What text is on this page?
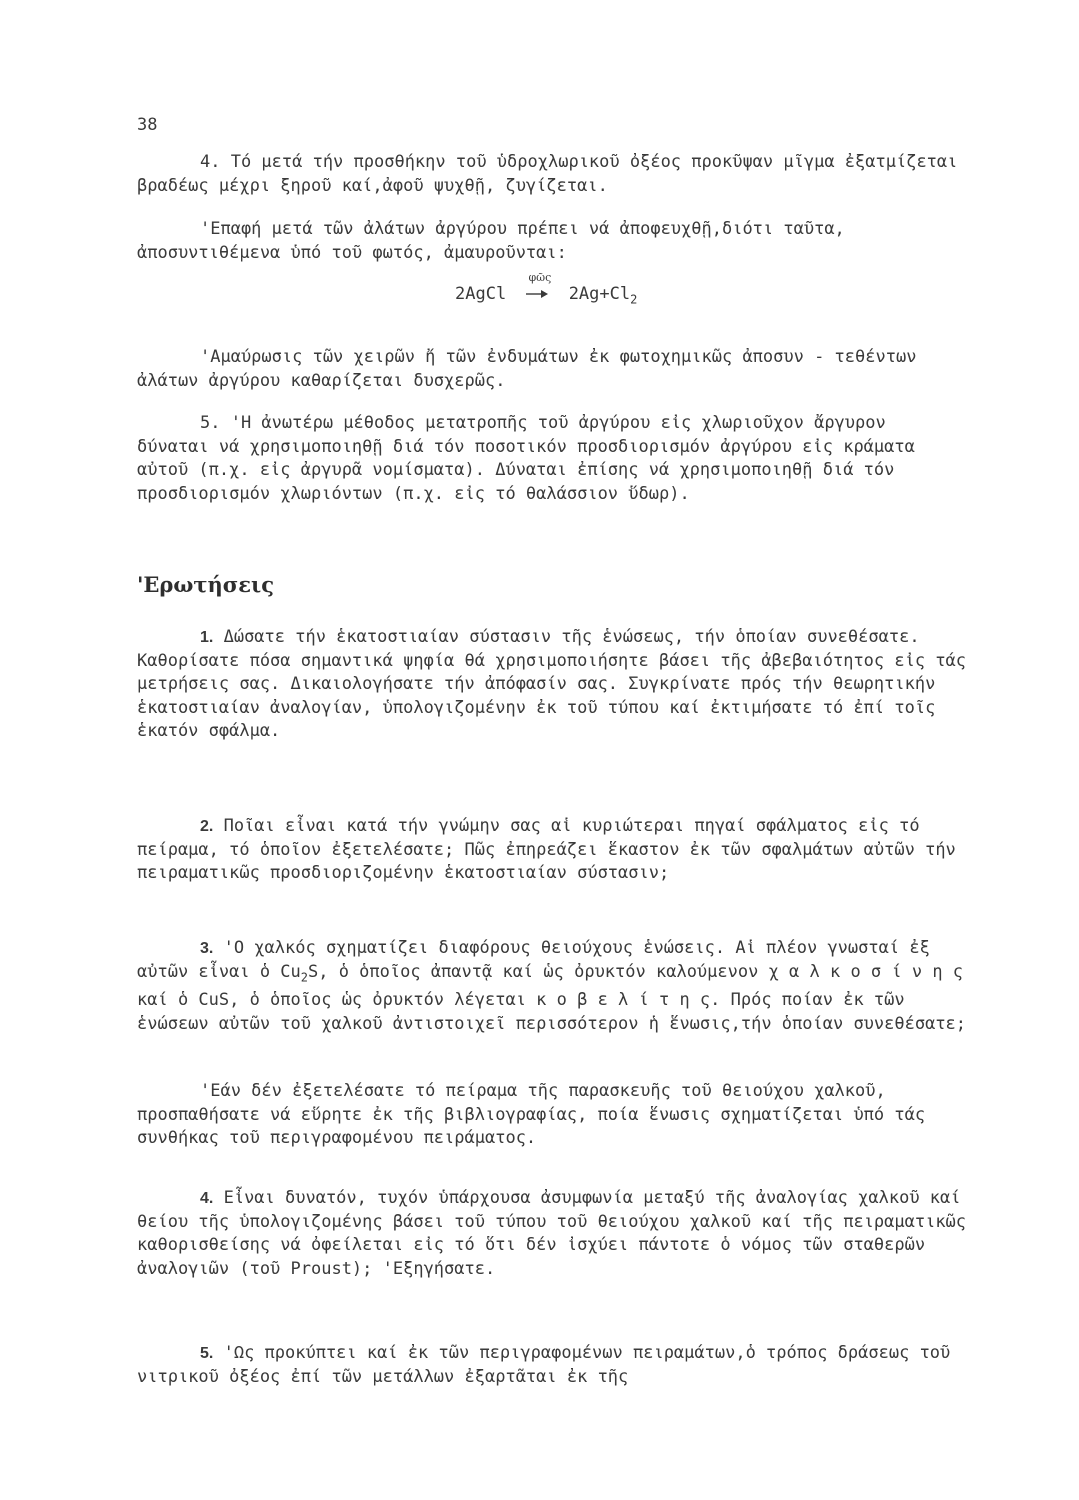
38

4. Τό μετά τήν προσθήκην τοῦ ὑδροχλωρικοῦ ὀξέος προκῦψαν μῖγμα ἐξατμίζεται βραδέως μέχρι ξηροῦ καί,ἀφοῦ ψυχθῇ, ζυγίζεται.

'Επαφή μετά τῶν ἀλάτων ἀργύρου πρέπει νά ἀποφευχθῇ,διότι ταῦτα, ἀποσυντιθέμενα ὑπό τοῦ φωτός, ἀμαυροῦνται:

2AgCl
φῶς
$2Ag+Cl_2$

'Αμαύρωσις τῶν χειρῶν ἤ τῶν ἐνδυμάτων ἐκ φωτοχημικῶς ἀποσυν - τεθέντων ἀλάτων ἀργύρου καθαρίζεται δυσχερῶς.

5. 'Η ἀνωτέρω μέθοδος μετατροπῆς τοῦ ἀργύρου εἰς χλωριοῦχον ἄργυρον δύναται νά χρησιμοποιηθῇ διά τόν ποσοτικόν προσδιορισμόν ἀργύρου εἰς κράματα αὐτοῦ (π.χ. εἰς ἀργυρᾶ νομίσματα). Δύναται ἐπίσης νά χρησιμοποιηθῇ διά τόν προσδιορισμόν χλωριόντων (π.χ. εἰς τό θαλάσσιον ὕδωρ).

'Ερωτήσεις

1. Δώσατε τήν ἑκατοστιαίαν σύστασιν τῆς ἑνώσεως, τήν ὁποίαν συνεθέσατε. Καθορίσατε πόσα σημαντικά ψηφία θά χρησιμοποιήσητε βάσει τῆς ἀβεβαιότητος εἰς τάς μετρήσεις σας. Δικαιολογήσατε τήν ἀπόφασίν σας. Συγκρίνατε πρός τήν θεωρητικήν ἑκατοστιαίαν ἀναλογίαν, ὑπολογιζομένην ἐκ τοῦ τύπου καί ἐκτιμήσατε τό ἐπί τοῖς ἑκατόν σφάλμα.

2. Ποῖαι εἶναι κατά τήν γνώμην σας αἱ κυριώτεραι πηγαί σφάλματος εἰς τό πείραμα, τό ὁποῖον ἐξετελέσατε; Πῶς ἐπηρεάζει ἕκαστον ἐκ τῶν σφαλμάτων αὐτῶν τήν πειραματικῶς προσδιοριζομένην ἑκατοστιαίαν σύστασιν;

3. 'Ο χαλκός σχηματίζει διαφόρους θειούχους ἑνώσεις. Αἱ πλέον γνωσταί ἐξ αὐτῶν εἶναι ὁ $Cu_2S$, ὁ ὁποῖος ἀπαντᾷ καί ὡς ὀρυκτόν καλούμενον χ α λ κ ο σ ί ν η ς καί ὁ CuS, ὁ ὁποῖος ὡς ὀρυκτόν λέγεται κ ο β ε λ ί τ η ς. Πρός ποίαν ἐκ τῶν ἑνώσεων αὐτῶν τοῦ χαλκοῦ ἀντιστοιχεῖ περισσότερον ἡ ἕνωσις,τήν ὁποίαν συνεθέσατε;

'Εάν δέν ἐξετελέσατε τό πείραμα τῆς παρασκευῆς τοῦ θειούχου χαλκοῦ, προσπαθήσατε νά εὕρητε ἐκ τῆς βιβλιογραφίας, ποία ἕνωσις σχηματίζεται ὑπό τάς συνθήκας τοῦ περιγραφομένου πειράματος.

4. Εἶναι δυνατόν, τυχόν ὑπάρχουσα ἀσυμφωνία μεταξύ τῆς ἀναλογίας χαλκοῦ καί θείου τῆς ὑπολογιζομένης βάσει τοῦ τύπου τοῦ θειούχου χαλκοῦ καί τῆς πειραματικῶς καθορισθείσης νά ὀφείλεται εἰς τό ὅτι δέν ἰσχύει πάντοτε ὁ νόμος τῶν σταθερῶν ἀναλογιῶν (τοῦ Proust); 'Εξηγήσατε.

5. 'Ως προκύπτει καί ἐκ τῶν περιγραφομένων πειραμάτων,ὁ τρόπος δράσεως τοῦ νιτρικοῦ ὀξέος ἐπί τῶν μετάλλων ἐξαρτᾶται ἐκ τῆς
